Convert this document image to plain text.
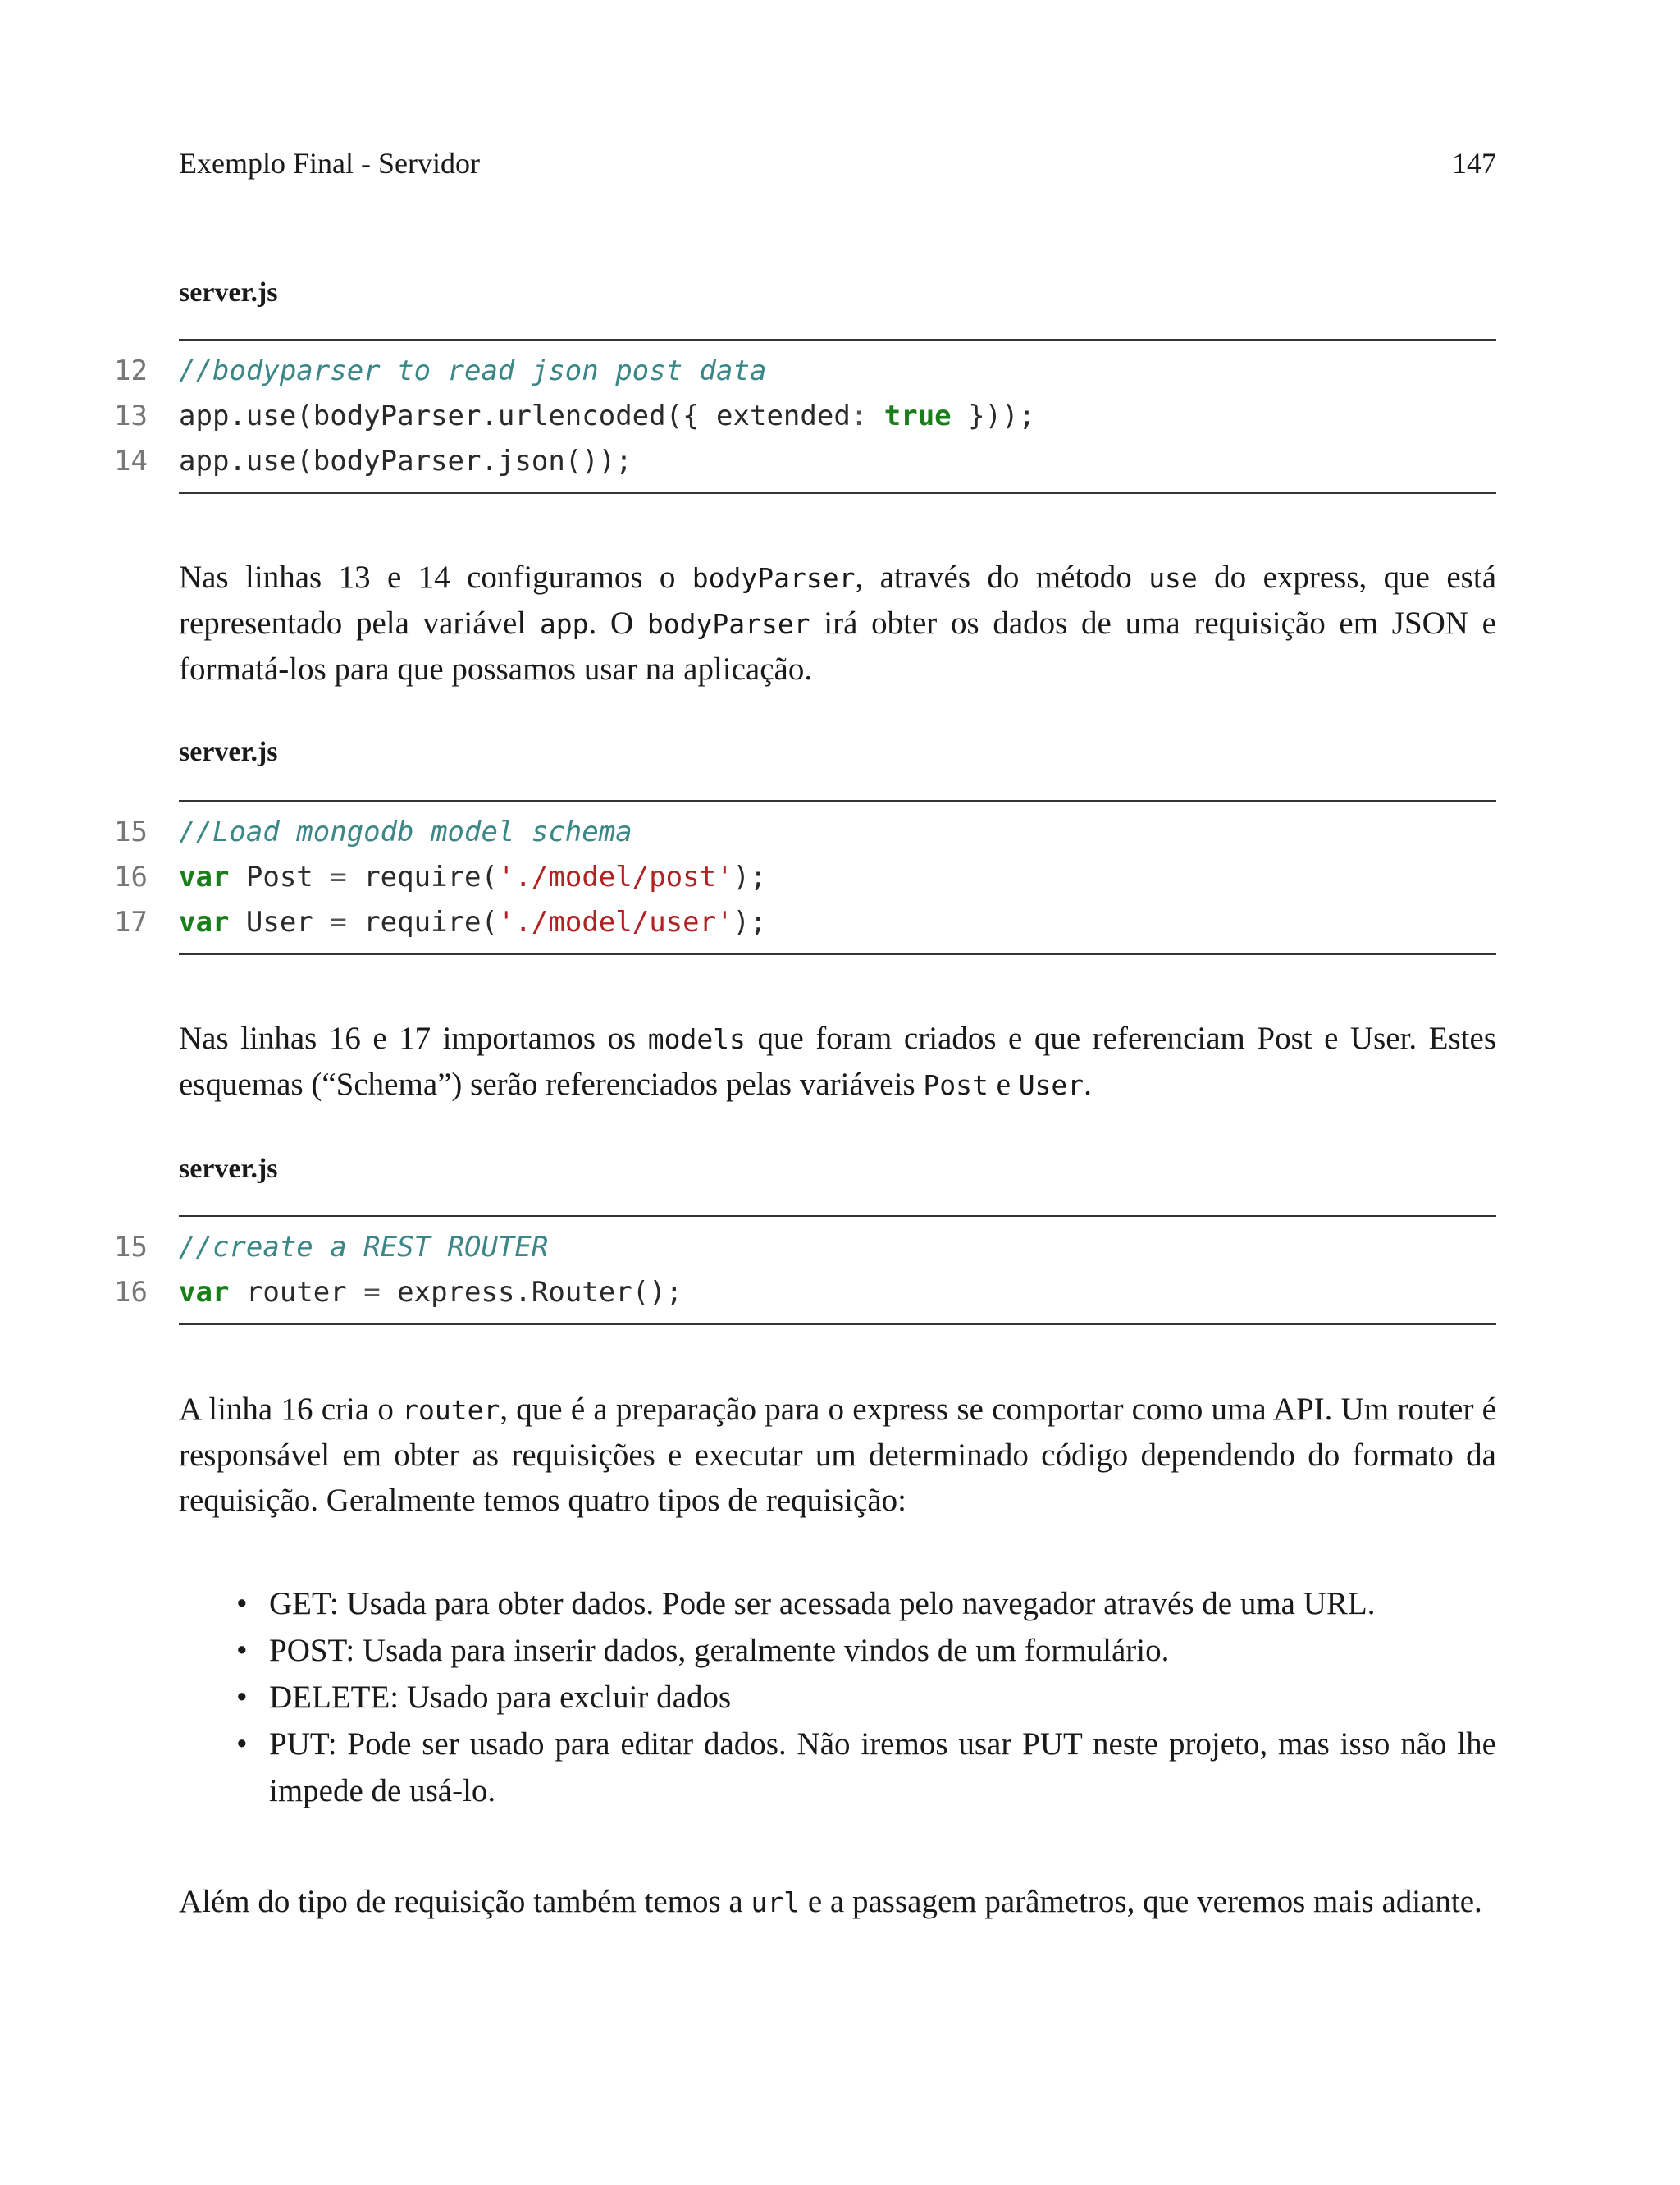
Exemplo Final - Servidor	147
server.js
12 //bodyparser to read json post data
13 app.use(bodyParser.urlencoded({ extended: true }));
14 app.use(bodyParser.json());
Nas linhas 13 e 14 configuramos o bodyParser, através do método use do express, que está representado pela variável app. O bodyParser irá obter os dados de uma requisição em JSON e formatá-los para que possamos usar na aplicação.
server.js
15 //Load mongodb model schema
16 var Post = require('./model/post');
17 var User = require('./model/user');
Nas linhas 16 e 17 importamos os models que foram criados e que referenciam Post e User. Estes esquemas (“Schema”) serão referenciados pelas variáveis Post e User.
server.js
15 //create a REST ROUTER
16 var router = express.Router();
A linha 16 cria o router, que é a preparação para o express se comportar como uma API. Um router é responsável em obter as requisições e executar um determinado código dependendo do formato da requisição. Geralmente temos quatro tipos de requisição:
• GET: Usada para obter dados. Pode ser acessada pelo navegador através de uma URL.
• POST: Usada para inserir dados, geralmente vindos de um formulário.
• DELETE: Usado para excluir dados
• PUT: Pode ser usado para editar dados. Não iremos usar PUT neste projeto, mas isso não lhe impede de usá-lo.
Além do tipo de requisição também temos a url e a passagem parâmetros, que veremos mais adiante.
